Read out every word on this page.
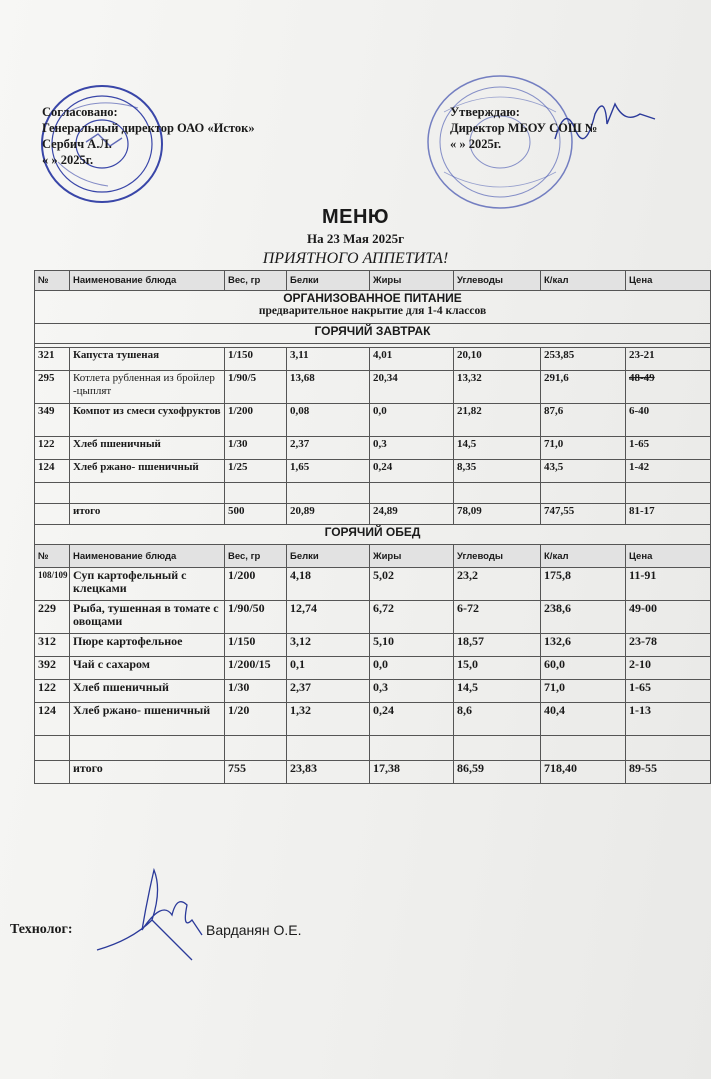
Согласовано:
Генеральный директор ОАО «Исток»
Сербич А.Л.
« » 2025г.
Утверждаю:
Директор МБОУ СОШ №
« » 2025г.
МЕНЮ
На 23 Мая 2025г
ПРИЯТНОГО АППЕТИТА!
№	Наименование блюда	Вес, гр	Белки	Жиры	Углеводы	К/кал	Цена

ОРГАНИЗОВАННОЕ ПИТАНИЕ
предварительное накрытие для 1-4 классов							

ГОРЯЧИЙ ЗАВТРАК							

321	Капуста тушеная	1/150	3,11	4,01	20,10	253,85	23-21
295	Котлета рубленная из бройлер -цыплят	1/90/5	13,68	20,34	13,32	291,6	48-49
349	Компот из смеси сухофруктов	1/200	0,08	0,0	21,82	87,6	6-40
122	Хлеб пшеничный	1/30	2,37	0,3	14,5	71,0	1-65
124	Хлеб ржано- пшеничный	1/25	1,65	0,24	8,35	43,5	1-42

	итого	500	20,89	24,89	78,09	747,55	81-17
ГОРЯЧИЙ ОБЕД							
№	Наименование блюда	Вес, гр	Белки	Жиры	Углеводы	К/кал	Цена
108/109	Суп картофельный с клецками	1/200	4,18	5,02	23,2	175,8	11-91
229	Рыба, тушенная в томате с овощами	1/90/50	12,74	6,72	6-72	238,6	49-00
312	Пюре картофельное	1/150	3,12	5,10	18,57	132,6	23-78
392	Чай с сахаром	1/200/15	0,1	0,0	15,0	60,0	2-10
122	Хлеб пшеничный	1/30	2,37	0,3	14,5	71,0	1-65
124	Хлеб ржано- пшеничный	1/20	1,32	0,24	8,6	40,4	1-13

	итого	755	23,83	17,38	86,59	718,40	89-55
Технолог:	Варданян О.Е.
